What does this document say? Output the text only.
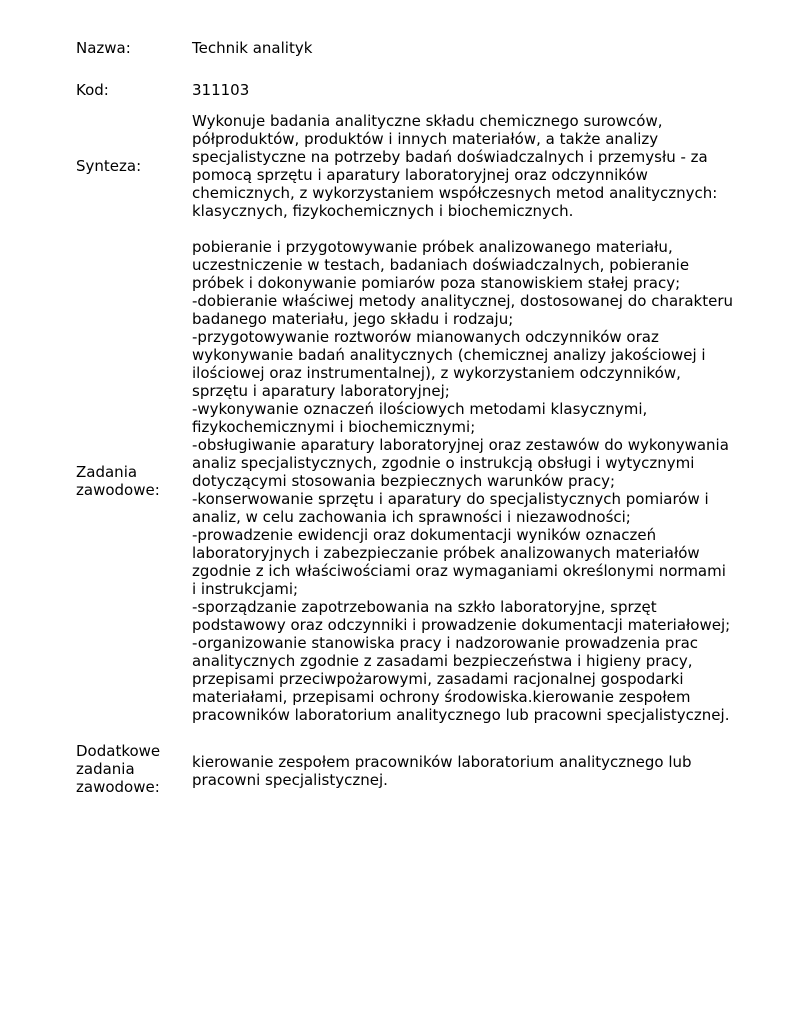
Nazwa:	Technik analityk
Kod:	311103
Synteza:
Wykonuje badania analityczne składu chemicznego surowców,
półproduktów, produktów i innych materiałów, a także analizy
specjalistyczne na potrzeby badań doświadczalnych i przemysłu - za
pomocą sprzętu i aparatury laboratoryjnej oraz odczynników
chemicznych, z wykorzystaniem współczesnych metod analitycznych:
klasycznych, fizykochemicznych i biochemicznych.
Zadania
zawodowe:
pobieranie i przygotowywanie próbek analizowanego materiału,
uczestniczenie w testach, badaniach doświadczalnych, pobieranie
próbek i dokonywanie pomiarów poza stanowiskiem stałej pracy;
-dobieranie właściwej metody analitycznej, dostosowanej do charakteru
badanego materiału, jego składu i rodzaju;
-przygotowywanie roztworów mianowanych odczynników oraz
wykonywanie badań analitycznych (chemicznej analizy jakościowej i
ilościowej oraz instrumentalnej), z wykorzystaniem odczynników,
sprzętu i aparatury laboratoryjnej;
-wykonywanie oznaczeń ilościowych metodami klasycznymi,
fizykochemicznymi i biochemicznymi;
-obsługiwanie aparatury laboratoryjnej oraz zestawów do wykonywania
analiz specjalistycznych, zgodnie o instrukcją obsługi i wytycznymi
dotyczącymi stosowania bezpiecznych warunków pracy;
-konserwowanie sprzętu i aparatury do specjalistycznych pomiarów i
analiz, w celu zachowania ich sprawności i niezawodności;
-prowadzenie ewidencji oraz dokumentacji wyników oznaczeń
laboratoryjnych i zabezpieczanie próbek analizowanych materiałów
zgodnie z ich właściwościami oraz wymaganiami określonymi normami
i instrukcjami;
-sporządzanie zapotrzebowania na szkło laboratoryjne, sprzęt
podstawowy oraz odczynniki i prowadzenie dokumentacji materiałowej;
-organizowanie stanowiska pracy i nadzorowanie prowadzenia prac
analitycznych zgodnie z zasadami bezpieczeństwa i higieny pracy,
przepisami przeciwpożarowymi, zasadami racjonalnej gospodarki
materiałami, przepisami ochrony środowiska.kierowanie zespołem
pracowników laboratorium analitycznego lub pracowni specjalistycznej.
Dodatkowe
zadania
zawodowe:
kierowanie zespołem pracowników laboratorium analitycznego lub
pracowni specjalistycznej.
